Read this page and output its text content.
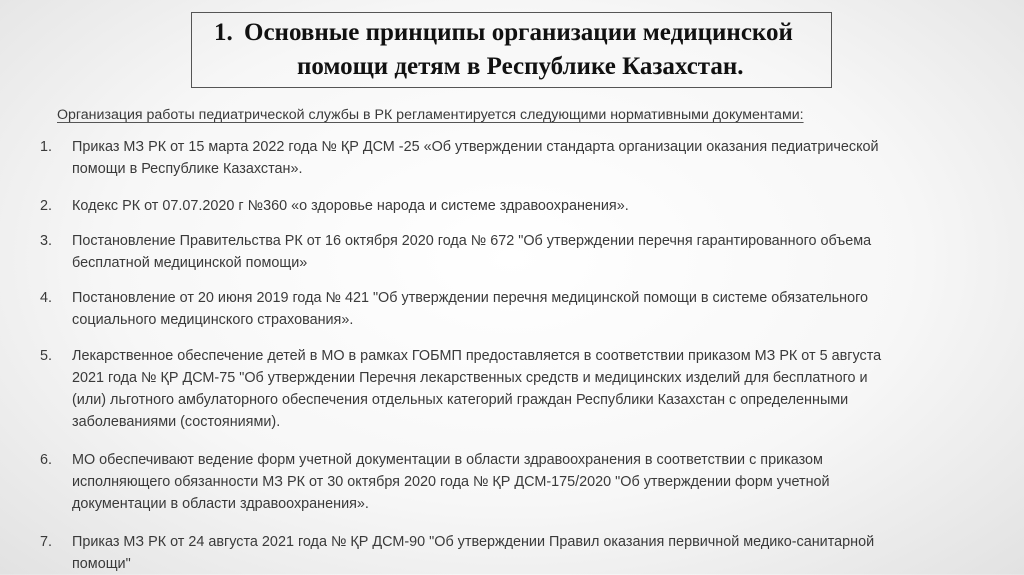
1. Основные принципы организации медицинской
помощи детям в Республике Казахстан.
Организация работы педиатрической службы в РК регламентируется следующими нормативными документами:
1. Приказ МЗ РК от 15 марта 2022 года № ҚР ДСМ -25 «Об утверждении стандарта организации оказания педиатрической
помощи в Республике Казахстан».
2. Кодекс РК от 07.07.2020 г №360 «о здоровье народа и системе здравоохранения».
3. Постановление Правительства РК от 16 октября 2020 года № 672 "Об утверждении перечня гарантированного объема
бесплатной медицинской помощи»
4. Постановление от 20 июня 2019 года № 421 "Об утверждении перечня медицинской помощи в системе обязательного
социального медицинского страхования».
5. Лекарственное обеспечение детей в МО в рамках ГОБМП предоставляется в соответствии приказом МЗ РК от 5 августа
2021 года № ҚР ДСМ-75 "Об утверждении Перечня лекарственных средств и медицинских изделий для бесплатного и
(или) льготного амбулаторного обеспечения отдельных категорий граждан Республики Казахстан с определенными
заболеваниями (состояниями).
6. МО обеспечивают ведение форм учетной документации в области здравоохранения в соответствии с приказом
исполняющего обязанности МЗ РК от 30 октября 2020 года № ҚР ДСМ-175/2020 "Об утверждении форм учетной
документации в области здравоохранения».
7. Приказ МЗ РК от 24 августа 2021 года № ҚР ДСМ-90 "Об утверждении Правил оказания первичной медико-санитарной
помощи"
